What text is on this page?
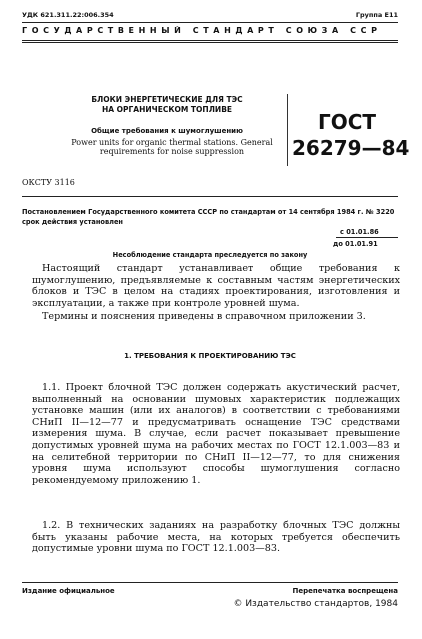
УДК 621.311.22:006.354	Группа Е11
ГОСУДАРСТВЕННЫЙ СТАНДАРТ СОЮЗА ССР
БЛОКИ ЭНЕРГЕТИЧЕСКИЕ ДЛЯ ТЭС
НА ОРГАНИЧЕСКОМ ТОПЛИВЕ
Общие требования к шумоглушению
Power units for organic thermal stations. General
requirements for noise suppression
ГОСТ
26279—84
ОКСТУ 3116
Постановлением Государственного комитета СССР по стандартам от 14 сентября 1984 г. № 3220 срок действия установлен
с 01.01.86
до 01.01.91
Несоблюдение стандарта преследуется по закону
Настоящий стандарт устанавливает общие требования к шумоглушению, предъявляемые к составным частям энергетических блоков и ТЭС в целом на стадиях проектирования, изготовления и эксплуатации, а также при контроле уровней шума.
Термины и пояснения приведены в справочном приложении 3.
1. ТРЕБОВАНИЯ К ПРОЕКТИРОВАНИЮ ТЭС
1.1. Проект блочной ТЭС должен содержать акустический расчет, выполненный на основании шумовых характеристик подлежащих установке машин (или их аналогов) в соответствии с требованиями СНиП II—12—77 и предусматривать оснащение ТЭС средствами измерения шума. В случае, если расчет показывает превышение допустимых уровней шума на рабочих местах по ГОСТ 12.1.003—83 и на селитебной территории по СНиП II—12—77, то для снижения уровня шума используют способы шумоглушения согласно рекомендуемому приложению 1.
1.2. В технических заданиях на разработку блочных ТЭС должны быть указаны рабочие места, на которых требуется обеспечить допустимые уровни шума по ГОСТ 12.1.003—83.
Издание официальное	Перепечатка воспрещена
© Издательство стандартов, 1984
